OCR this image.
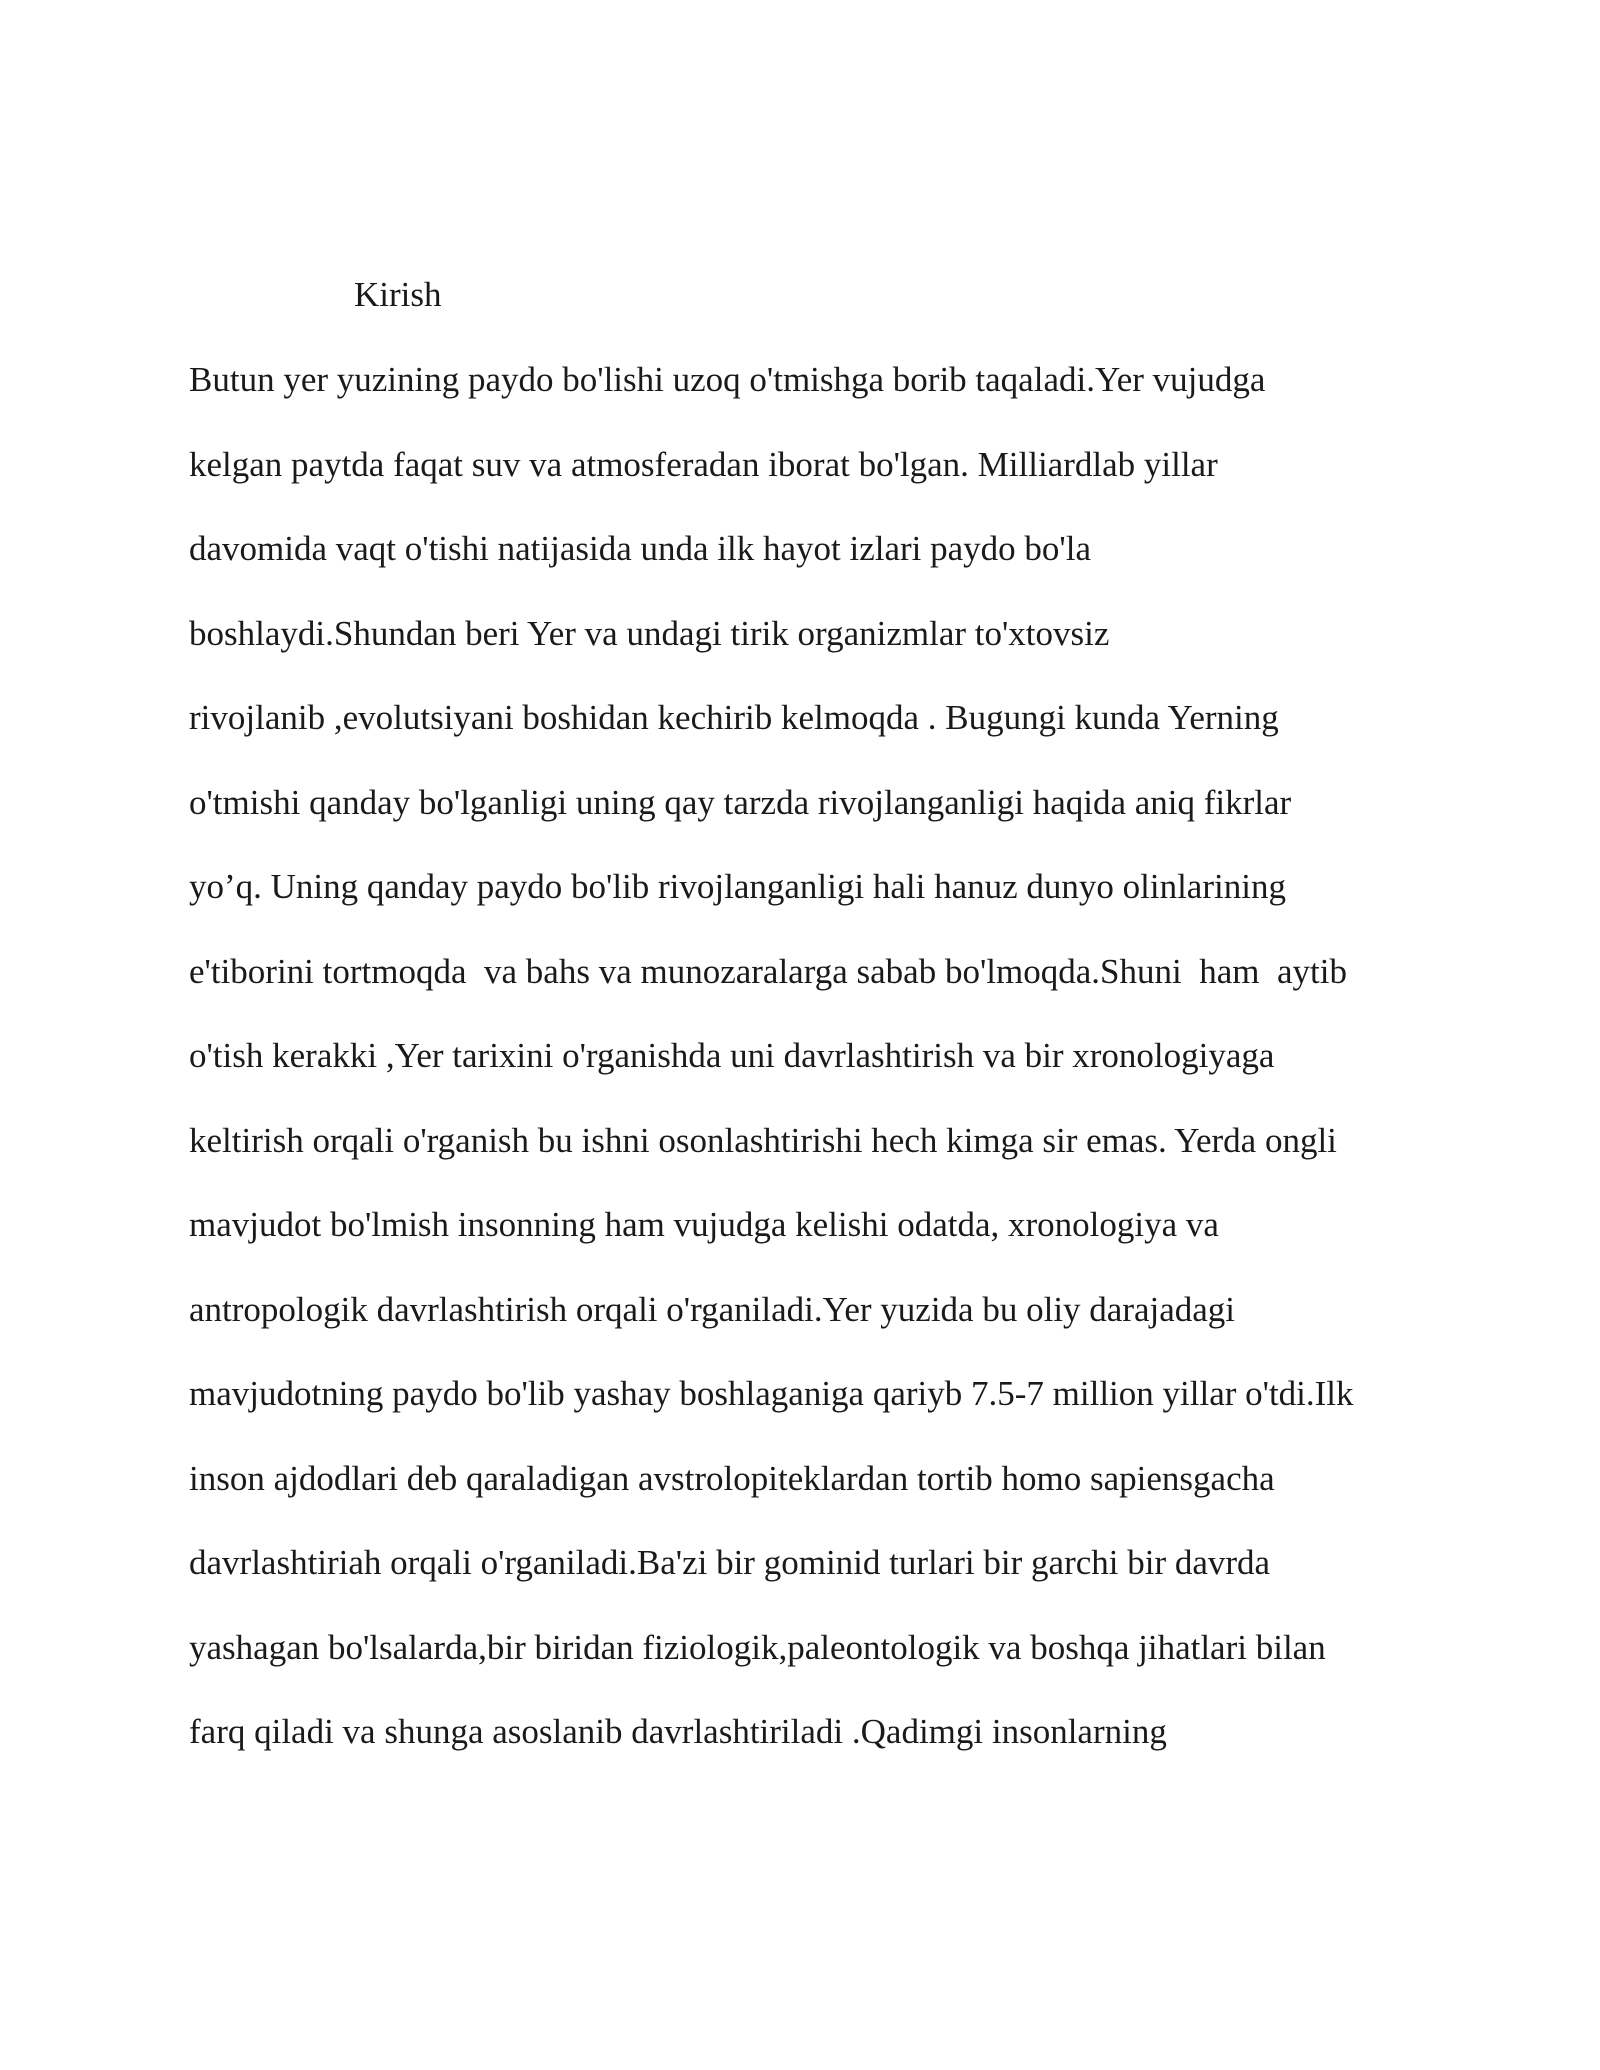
Kirish
Butun yer yuzining paydo bo'lishi uzoq o'tmishga borib taqaladi.Yer vujudga
kelgan paytda faqat suv va atmosferadan iborat bo'lgan. Milliardlab yillar
davomida vaqt o'tishi natijasida unda ilk hayot izlari paydo bo'la
boshlaydi.Shundan beri Yer va undagi tirik organizmlar to'xtovsiz
rivojlanib ,evolutsiyani boshidan kechirib kelmoqda . Bugungi kunda Yerning
o'tmishi qanday bo'lganligi uning qay tarzda rivojlanganligi haqida aniq fikrlar
yo’q. Uning qanday paydo bo'lib rivojlanganligi hali hanuz dunyo olinlarining
e'tiborini tortmoqda  va bahs va munozaralarga sabab bo'lmoqda.Shuni  ham  aytib
o'tish kerakki ,Yer tarixini o'rganishda uni davrlashtirish va bir xronologiyaga
keltirish orqali o'rganish bu ishni osonlashtirishi hech kimga sir emas. Yerda ongli
mavjudot bo'lmish insonning ham vujudga kelishi odatda, xronologiya va
antropologik davrlashtirish orqali o'rganiladi.Yer yuzida bu oliy darajadagi
mavjudotning paydo bo'lib yashay boshlaganiga qariyb 7.5-7 million yillar o'tdi.Ilk
inson ajdodlari deb qaraladigan avstrolopiteklardan tortib homo sapiensgacha
davrlashtiriah orqali o'rganiladi.Ba'zi bir gominid turlari bir garchi bir davrda
yashagan bo'lsalarda,bir biridan fiziologik,paleontologik va boshqa jihatlari bilan
farq qiladi va shunga asoslanib davrlashtiriladi .Qadimgi insonlarning
